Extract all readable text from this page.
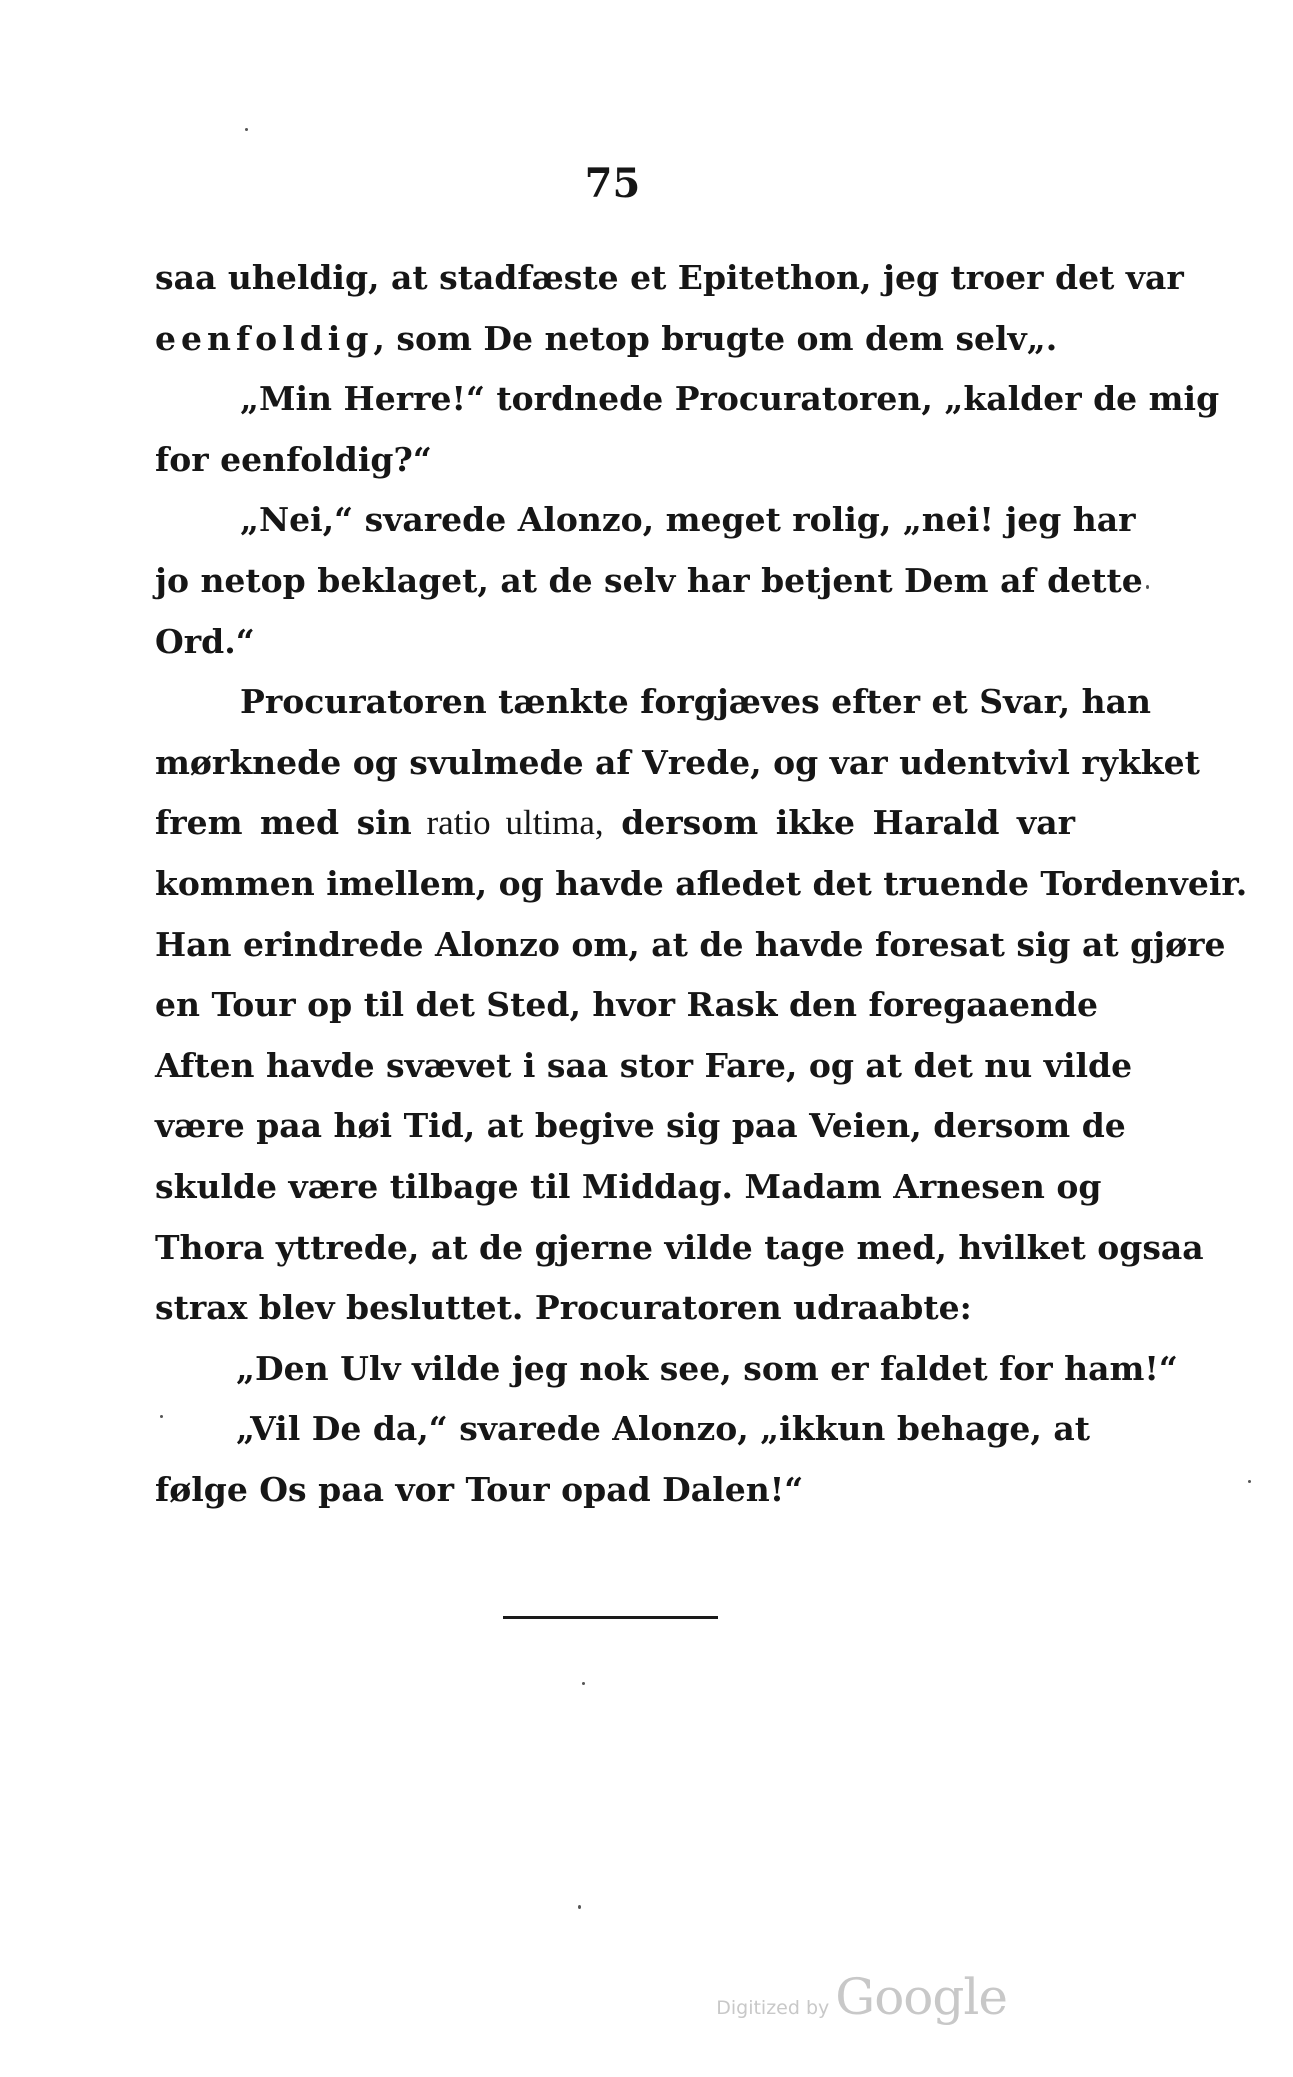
75
saa uheldig, at stadfæste et Epitethon, jeg troer det var
eenfoldig, som De netop brugte om dem selv„.
„Min Herre!“ tordnede Procuratoren, „kalder de mig
for eenfoldig?“
„Nei,“ svarede Alonzo, meget rolig, „nei! jeg har
jo netop beklaget, at de selv har betjent Dem af dette
Ord.“
Procuratoren tænkte forgjæves efter et Svar, han
mørknede og svulmede af Vrede, og var udentvivl rykket
frem med sin ratio ultima, dersom ikke Harald var
kommen imellem, og havde afledet det truende Tordenveir.
Han erindrede Alonzo om, at de havde foresat sig at gjøre
en Tour op til det Sted, hvor Rask den foregaaende
Aften havde svævet i saa stor Fare, og at det nu vilde
være paa høi Tid, at begive sig paa Veien, dersom de
skulde være tilbage til Middag. Madam Arnesen og
Thora yttrede, at de gjerne vilde tage med, hvilket ogsaa
strax blev besluttet. Procuratoren udraabte:
„Den Ulv vilde jeg nok see, som er faldet for ham!“
„Vil De da,“ svarede Alonzo, „ikkun behage, at
følge Os paa vor Tour opad Dalen!“
Digitized by Google
